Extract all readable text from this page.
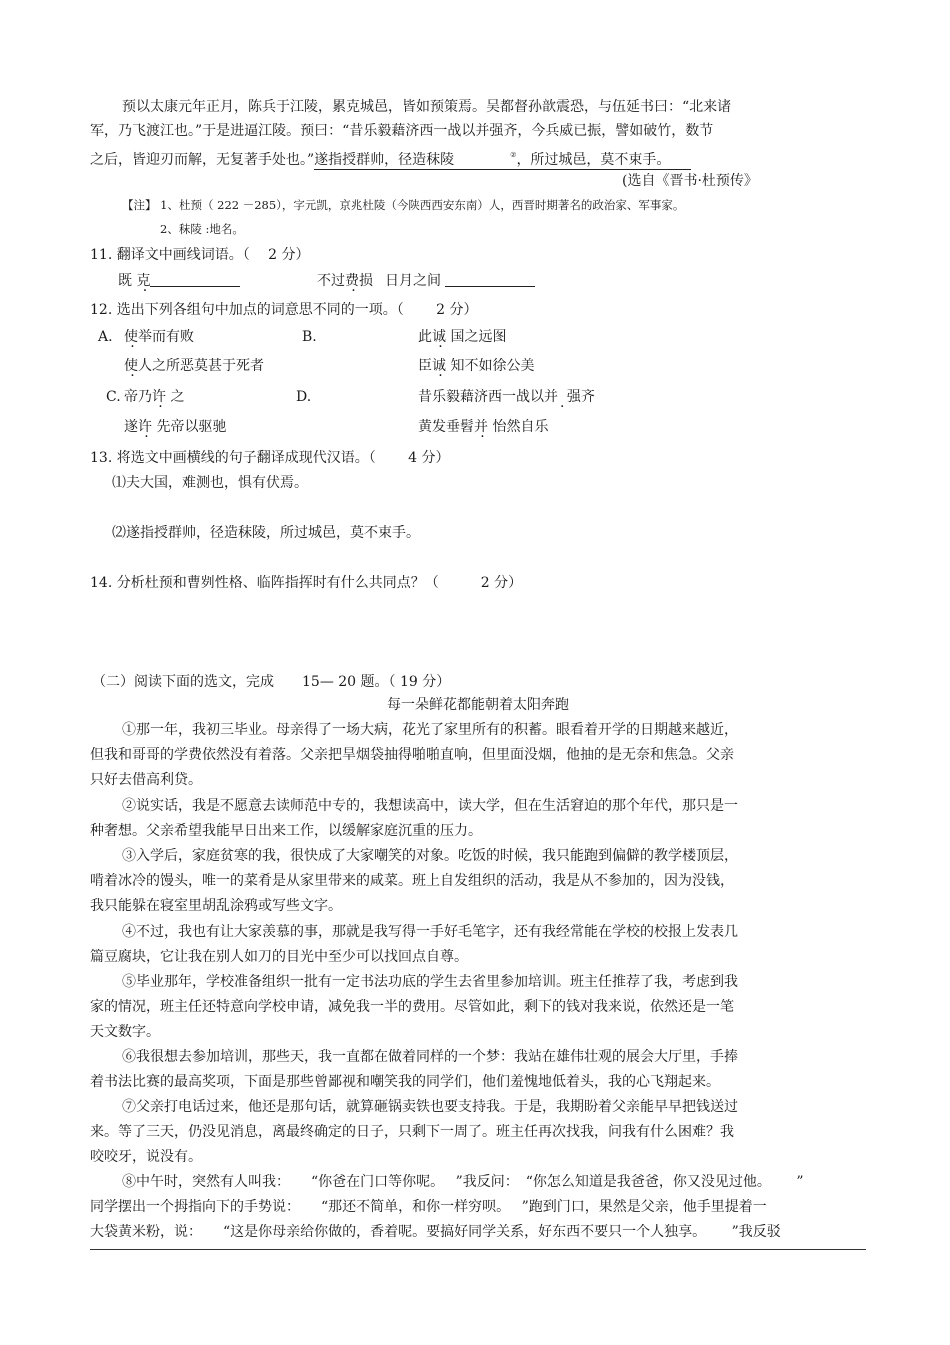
预以太康元年正月，陈兵于江陵，累克城邑，皆如预策焉。吴都督孙歆震恐，与伍延书曰：“北来诸
军，乃飞渡江也。”于是进逼江陵。预曰：“昔乐毅藉济西一战以并强齐，今兵威已振，譬如破竹，数节
之后，皆迎刃而解，无复著手处也。”遂指授群帅，径造秣陵　　　　	②，所过城邑，莫不束手。　　
(选自《晋书·杜预传》
【注】 1、杜预（ 222 －285），字元凯，京兆杜陵（今陕西西安东南）人，西晋时期著名的政治家、军事家。
2、秣陵 :地名。
11. 翻译文中画线词语。（　 2 分）
既 克	不过费损 日月之间
12. 选出下列各组句中加点的词意思不同的一项。（　　 2 分）
A. 使举而有败	B.	此诚 国之远图
使人之所恶莫甚于死者	臣诚 知不如徐公美
C. 帝乃许 之	D.	昔乐毅藉济西一战以并  · 强齐
遂许 先帝以驱驰	黄发垂髫并 怡然自乐
13. 将选文中画横线的句子翻译成现代汉语。（　　 4 分）
⑴夫大国，难测也，惧有伏焉。
⑵遂指授群帅，径造秣陵，所过城邑，莫不束手。
14. 分析杜预和曹刿性格、临阵指挥时有什么共同点？（　　　2 分）
（二）阅读下面的选文，完成　　15— 20 题。（ 19 分）
每一朵鲜花都能朝着太阳奔跑
①那一年，我初三毕业。母亲得了一场大病，花光了家里所有的积蓄。眼看着开学的日期越来越近，
但我和哥哥的学费依然没有着落。父亲把旱烟袋抽得啪啪直响，但里面没烟，他抽的是无奈和焦急。父亲
只好去借高利贷。
②说实话，我是不愿意去读师范中专的，我想读高中，读大学，但在生活窘迫的那个年代，那只是一
种奢想。父亲希望我能早日出来工作，以缓解家庭沉重的压力。
③入学后，家庭贫寒的我，很快成了大家嘲笑的对象。吃饭的时候，我只能跑到偏僻的教学楼顶层，
啃着冰冷的馒头，唯一的菜肴是从家里带来的咸菜。班上自发组织的活动，我是从不参加的，因为没钱，
我只能躲在寝室里胡乱涂鸦或写些文字。
④不过，我也有让大家羡慕的事，那就是我写得一手好毛笔字，还有我经常能在学校的校报上发表几
篇豆腐块，它让我在别人如刀的目光中至少可以找回点自尊。
⑤毕业那年，学校准备组织一批有一定书法功底的学生去省里参加培训。班主任推荐了我，考虑到我
家的情况，班主任还特意向学校申请，减免我一半的费用。尽管如此，剩下的钱对我来说，依然还是一笔
天文数字。
⑥我很想去参加培训，那些天，我一直都在做着同样的一个梦：我站在雄伟壮观的展会大厅里，手捧
着书法比赛的最高奖项，下面是那些曾鄙视和嘲笑我的同学们，他们羞愧地低着头，我的心飞翔起来。
⑦父亲打电话过来，他还是那句话，就算砸锅卖铁也要支持我。于是，我期盼着父亲能早早把钱送过
来。等了三天，仍没见消息，离最终确定的日子，只剩下一周了。班主任再次找我，问我有什么困难？我
咬咬牙，说没有。
⑧中午时，突然有人叫我：　　“你爸在门口等你呢。　 ”我反问：　“你怎么知道是我爸爸，你又没见过他。　　 ”
同学摆出一个拇指向下的手势说：　　“那还不简单，和你一样穷呗。　 ”跑到门口，果然是父亲，他手里提着一
大袋黄米粉，说：　　“这是你母亲给你做的，香着呢。要搞好同学关系，好东西不要只一个人独享。　　 ”我反驳
